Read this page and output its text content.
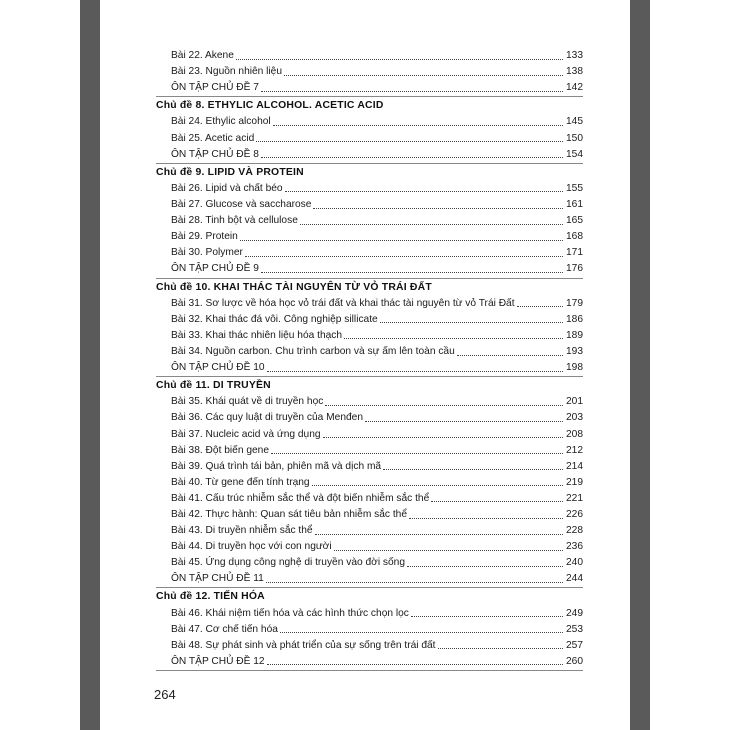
Bài 22. Akene	133
Bài 23. Nguồn nhiên liệu	138
ÔN TẬP CHỦ ĐỀ 7	142
Chủ đề 8. ETHYLIC ALCOHOL. ACETIC ACID
Bài 24. Ethylic alcohol	145
Bài 25. Acetic acid	150
ÔN TẬP CHỦ ĐỀ 8	154
Chủ đề 9. LIPID VÀ PROTEIN
Bài 26. Lipid và chất béo	155
Bài 27. Glucose và saccharose	161
Bài 28. Tinh bột và cellulose	165
Bài 29. Protein	168
Bài 30. Polymer	171
ÔN TẬP CHỦ ĐỀ 9	176
Chủ đề 10. KHAI THÁC TÀI NGUYÊN TỪ VỎ TRÁI ĐẤT
Bài 31. Sơ lược về hóa học vỏ trái đất và khai thác tài nguyên từ vỏ Trái Đất	179
Bài 32. Khai thác đá vôi. Công nghiệp sillicate	186
Bài 33. Khai thác nhiên liệu hóa thạch	189
Bài 34. Nguồn carbon. Chu trình carbon và sự ấm lên toàn cầu	193
ÔN TẬP CHỦ ĐỀ 10	198
Chủ đề 11. DI TRUYỀN
Bài 35. Khái quát về di truyền học	201
Bài 36. Các quy luật di truyền của Menđen	203
Bài 37. Nucleic acid và ứng dụng	208
Bài 38. Đột biến gene	212
Bài 39. Quá trình tái bản, phiên mã và dịch mã	214
Bài 40. Từ gene đến tính trạng	219
Bài 41. Cấu trúc nhiễm sắc thể và đột biến nhiễm sắc thể	221
Bài 42. Thực hành: Quan sát tiêu bản nhiễm sắc thể	226
Bài 43. Di truyền nhiễm sắc thể	228
Bài 44. Di truyền học với con người	236
Bài 45. Ứng dụng công nghệ di truyền vào đời sống	240
ÔN TẬP CHỦ ĐỀ 11	244
Chủ đề 12. TIẾN HÓA
Bài 46. Khái niệm tiến hóa và các hình thức chọn lọc	249
Bài 47. Cơ chế tiến hóa	253
Bài 48. Sự phát sinh và phát triển của sự sống trên trái đất	257
ÔN TẬP CHỦ ĐỀ 12	260
264
